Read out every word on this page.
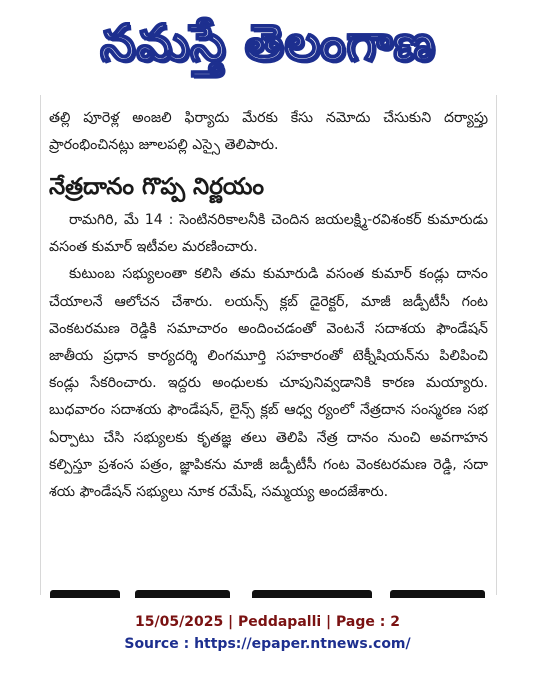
నమస్తే తెలంగాణ

తల్లి పూరెళ్ల అంజలి ఫిర్యాదు మేరకు కేసు నమోదు చేసుకుని దర్యాప్తు ప్రారంభించినట్లు జూలపల్లి ఎస్సై తెలిపారు.

నేత్రదానం గొప్ప నిర్ణయం

రామగిరి, మే 14 : సెంటినరికాలనీకి చెందిన జయలక్ష్మి-రవిశంకర్ కుమారుడు వసంత కుమార్ ఇటీవల మరణించారు.

కుటుంబ సభ్యులంతా కలిసి తమ కుమారుడి వసంత కుమార్ కండ్లు దానం చేయాలనే ఆలోచన చేశారు. లయన్స్ క్లబ్ డైరెక్టర్, మాజీ జడ్పీటీసీ గంట వెంకటరమణ రెడ్డికి సమాచారం అందించడంతో వెంటనే సదాశయ ఫౌండేషన్ జాతీయ ప్రధాన కార్యదర్శి లింగమూర్తి సహకారంతో టెక్నీషియన్‌ను పిలిపించి కండ్లు సేకరించారు. ఇద్దరు అంధులకు చూపునివ్వడానికి కారణ మయ్యారు. బుధవారం సదాశయ ఫౌండేషన్, లైన్స్ క్లబ్ ఆధ్వ ర్యంలో నేత్రదాన సంస్మరణ సభ ఏర్పాటు చేసి సభ్యులకు కృతజ్ఞ తలు తెలిపి నేత్ర దానం నుంచి అవగాహన కల్పిస్తూ ప్రశంస పత్రం, జ్ఞాపికను మాజీ జడ్పీటీసీ గంట వెంకటరమణ రెడ్డి, సదా శయ ఫౌండేషన్ సభ్యులు నూక రమేష్, సమ్మయ్య అందజేశారు.

15/05/2025 | Peddapalli | Page : 2
Source : https://epaper.ntnews.com/
